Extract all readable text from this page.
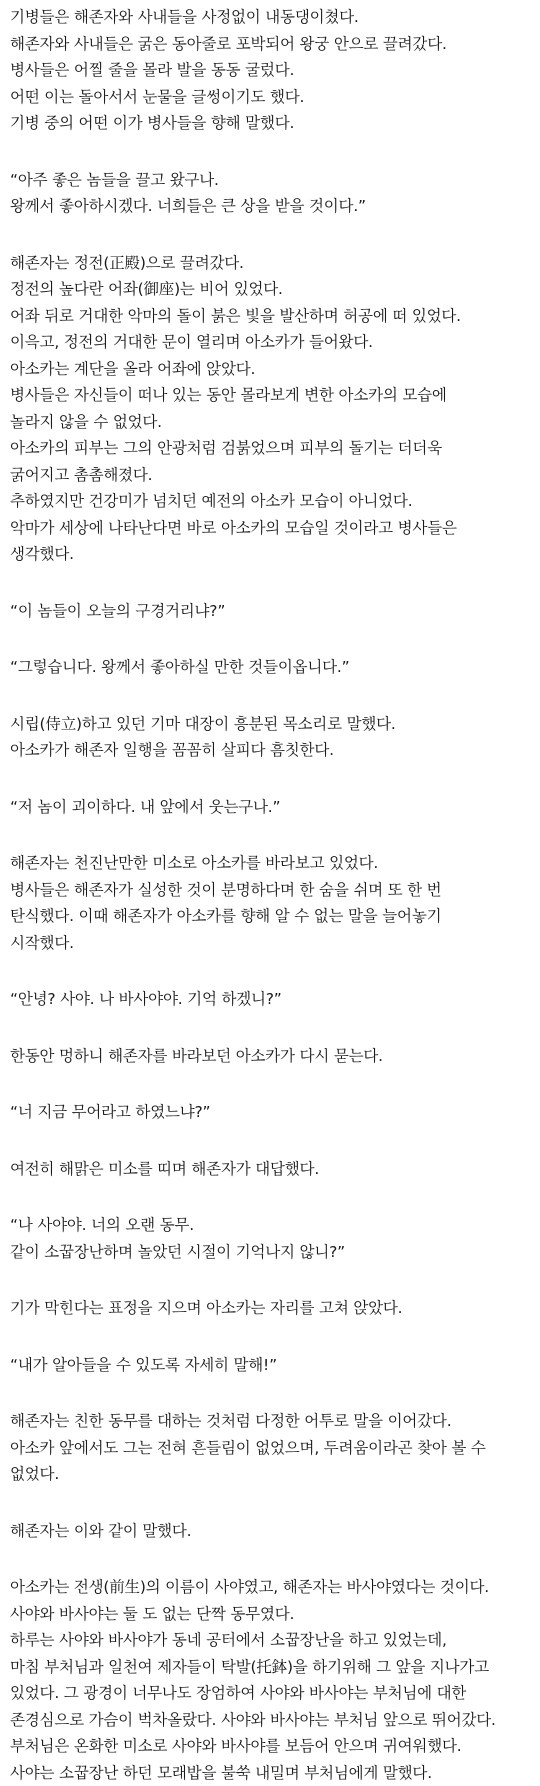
기병들은 해존자와 사내들을 사정없이 내동댕이쳤다.
해존자와 사내들은 굵은 동아줄로 포박되어 왕궁 안으로 끌려갔다.
병사들은 어찔 줄을 몰라 발을 동동 굴렀다.
어떤 이는 돌아서서 눈물을 글썽이기도 했다.
기병 중의 어떤 이가 병사들을 향해 말했다.
“아주 좋은 놈들을 끌고 왔구나.
왕께서 좋아하시겠다. 너희들은 큰 상을 받을 것이다.”
해존자는 정전(正殿)으로 끌려갔다.
정전의 높다란 어좌(御座)는 비어 있었다.
어좌 뒤로 거대한 악마의 돌이 붉은 빛을 발산하며 허공에 떠 있었다.
이윽고, 정전의 거대한 문이 열리며 아소카가 들어왔다.
아소카는 계단을 올라 어좌에 앉았다.
병사들은 자신들이 떠나 있는 동안 몰라보게 변한 아소카의 모습에
놀라지 않을 수 없었다.
아소카의 피부는 그의 안광처럼 검붉었으며 피부의 돌기는 더더욱
굵어지고 촘촘해졌다.
추하였지만 건강미가 넘치던 예전의 아소카 모습이 아니었다.
악마가 세상에 나타난다면 바로 아소카의 모습일 것이라고 병사들은
생각했다.
“이 놈들이 오늘의 구경거리냐?”
“그렇습니다. 왕께서 좋아하실 만한 것들이옵니다.”
시립(侍立)하고 있던 기마 대장이 흥분된 목소리로 말했다.
아소카가 해존자 일행을 꼼꼼히 살피다 흠칫한다.
“저 놈이 괴이하다. 내 앞에서 웃는구나.”
해존자는 천진난만한 미소로 아소카를 바라보고 있었다.
병사들은 해존자가 실성한 것이 분명하다며 한 숨을 쉬며 또 한 번
탄식했다. 이때 해존자가 아소카를 향해 알 수 없는 말을 늘어놓기
시작했다.
“안녕? 사야. 나 바사야야. 기억 하겠니?”
한동안 멍하니 해존자를 바라보던 아소카가 다시 묻는다.
“너 지금 무어라고 하였느냐?”
여전히 해맑은 미소를 띠며 해존자가 대답했다.
“나 사야야. 너의 오랜 동무.
같이 소꿉장난하며 놀았던 시절이 기억나지 않니?”
기가 막힌다는 표정을 지으며 아소카는 자리를 고쳐 앉았다.
“내가 알아들을 수 있도록 자세히 말해!”
해존자는 친한 동무를 대하는 것처럼 다정한 어투로 말을 이어갔다.
아소카 앞에서도 그는 전혀 흔들림이 없었으며, 두려움이라곤 찾아 볼 수
없었다.
해존자는 이와 같이 말했다.
아소카는 전생(前生)의 이름이 사야였고, 해존자는 바사야였다는 것이다.
사야와 바사야는 둘 도 없는 단짝 동무였다.
하루는 사야와 바사야가 동네 공터에서 소꿉장난을 하고 있었는데,
마침 부처님과 일천여 제자들이 탁발(托鉢)을 하기위해 그 앞을 지나가고
있었다. 그 광경이 너무나도 장엄하여 사야와 바사야는 부처님에 대한
존경심으로 가슴이 벅차올랐다. 사야와 바사야는 부처님 앞으로 뛰어갔다.
부처님은 온화한 미소로 사야와 바사야를 보듬어 안으며 귀여워했다.
사야는 소꿉장난 하던 모래밥을 불쑥 내밀며 부처님에게 말했다.
